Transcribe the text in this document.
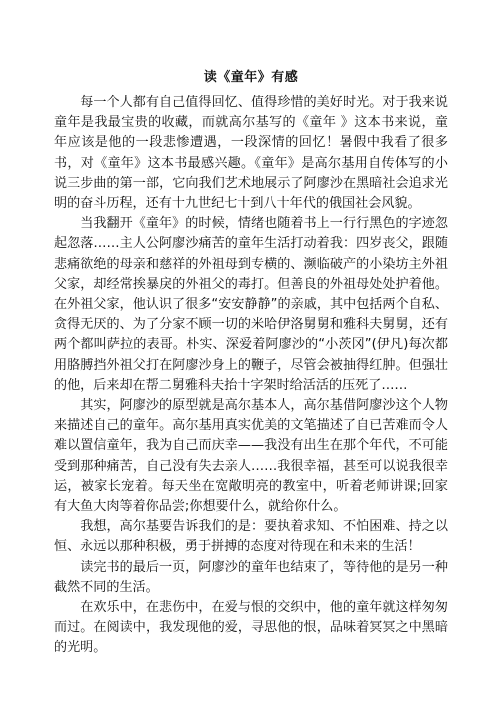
读《童年》有感

每一个人都有自己值得回忆、值得珍惜的美好时光。对于我来说童年是我最宝贵的收藏，而就高尔基写的《童年 》这本书来说，童年应该是他的一段悲惨遭遇，一段深情的回忆！暑假中我看了很多书，对《童年》这本书最感兴趣。《童年》是高尔基用自传体写的小说三步曲的第一部，它向我们艺术地展示了阿廖沙在黑暗社会追求光明的奋斗历程，还有十九世纪七十到八十年代的俄国社会风貌。

当我翻开《童年》的时候，情绪也随着书上一行行黑色的字迹忽起忽落……主人公阿廖沙痛苦的童年生活打动着我：四岁丧父，跟随悲痛欲绝的母亲和慈祥的外祖母到专横的、濒临破产的小染坊主外祖父家，却经常挨暴戾的外祖父的毒打。但善良的外祖母处处护着他。在外祖父家，他认识了很多“安安静静”的亲戚，其中包括两个自私、贪得无厌的、为了分家不顾一切的米哈伊洛舅舅和雅科夫舅舅，还有两个都叫萨拉的表哥。朴实、深爱着阿廖沙的“小茨冈”(伊凡)每次都用胳膊挡外祖父打在阿廖沙身上的鞭子，尽管会被抽得红肿。但强壮的他，后来却在帮二舅雅科夫抬十字架时给活活的压死了……

其实，阿廖沙的原型就是高尔基本人，高尔基借阿廖沙这个人物来描述自己的童年。高尔基用真实优美的文笔描述了自已苦难而令人难以置信童年，我为自己而庆幸——我没有出生在那个年代，不可能受到那种痛苦，自己没有失去亲人……我很幸福，甚至可以说我很幸运，被家长宠着。每天坐在宽敞明亮的教室中，听着老师讲课;回家有大鱼大肉等着你品尝;你想要什么，就给你什么。

我想，高尔基要告诉我们的是：要执着求知、不怕困难、持之以恒、永远以那种积极，勇于拼搏的态度对待现在和未来的生活！

读完书的最后一页，阿廖沙的童年也结束了，等待他的是另一种截然不同的生活。

在欢乐中，在悲伤中，在爱与恨的交织中，他的童年就这样匆匆而过。在阅读中，我发现他的爱，寻思他的恨，品味着冥冥之中黑暗的光明。
